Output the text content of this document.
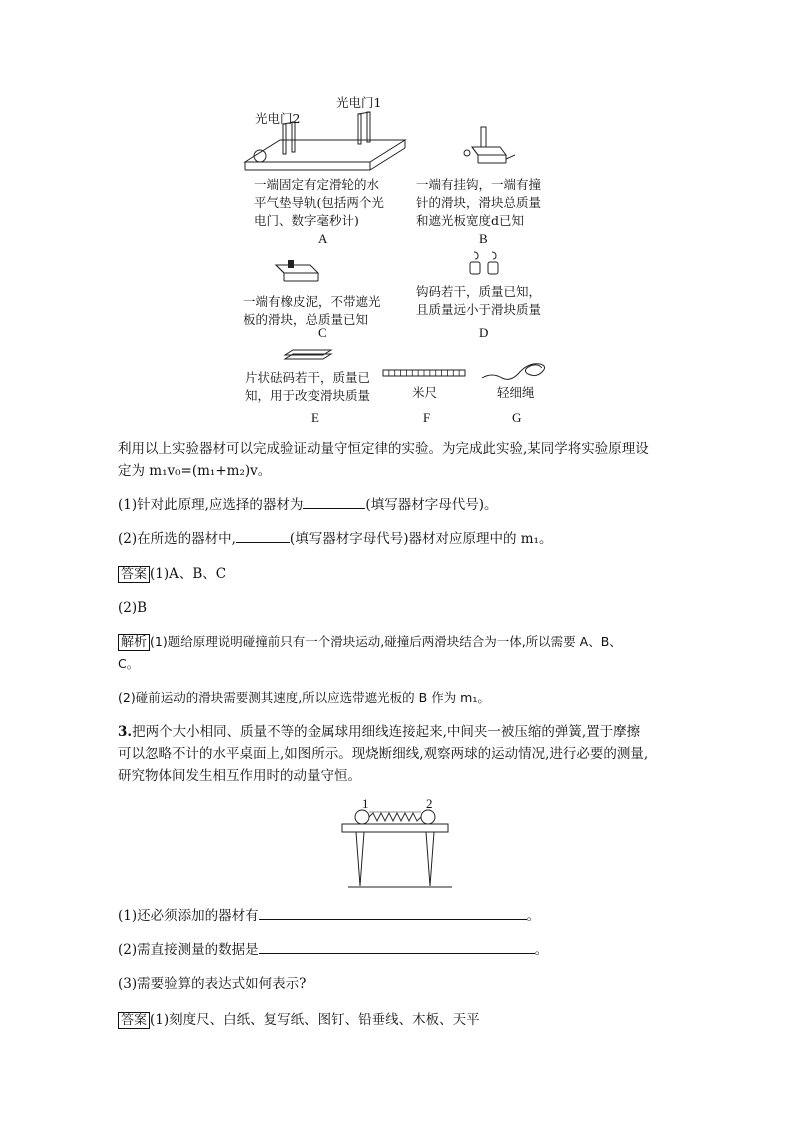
光电门2
光电门1
一端固定有定滑轮的水
平气垫导轨(包括两个光
电门、数字毫秒计)
A
一端有挂钩，一端有撞
针的滑块，滑块总质量
和遮光板宽度d已知
B
一端有橡皮泥，不带遮光
板的滑块，总质量已知
C
钩码若干，质量已知，
且质量远小于滑块质量
D
片状砝码若干，质量已
知，用于改变滑块质量
E
米尺
F
轻细绳
G
利用以上实验器材可以完成验证动量守恒定律的实验。为完成此实验,某同学将实验原理设
定为 m₁v₀=(m₁+m₂)v。
(1)针对此原理,应选择的器材为	(填写器材字母代号)。
(2)在所选的器材中,	(填写器材字母代号)器材对应原理中的 m₁。
答案 (1)A、B、C
(2)B
解析 (1)题给原理说明碰撞前只有一个滑块运动,碰撞后两滑块结合为一体,所以需要 A、B、
C。
(2)碰前运动的滑块需要测其速度,所以应选带遮光板的 B 作为 m₁。
3.把两个大小相同、质量不等的金属球用细线连接起来,中间夹一被压缩的弹簧,置于摩擦
可以忽略不计的水平桌面上,如图所示。现烧断细线,观察两球的运动情况,进行必要的测量,
研究物体间发生相互作用时的动量守恒。
1	2
(1)还必须添加的器材有	。
(2)需直接测量的数据是	。
(3)需要验算的表达式如何表示?
答案 (1)刻度尺、白纸、复写纸、图钉、铅垂线、木板、天平
